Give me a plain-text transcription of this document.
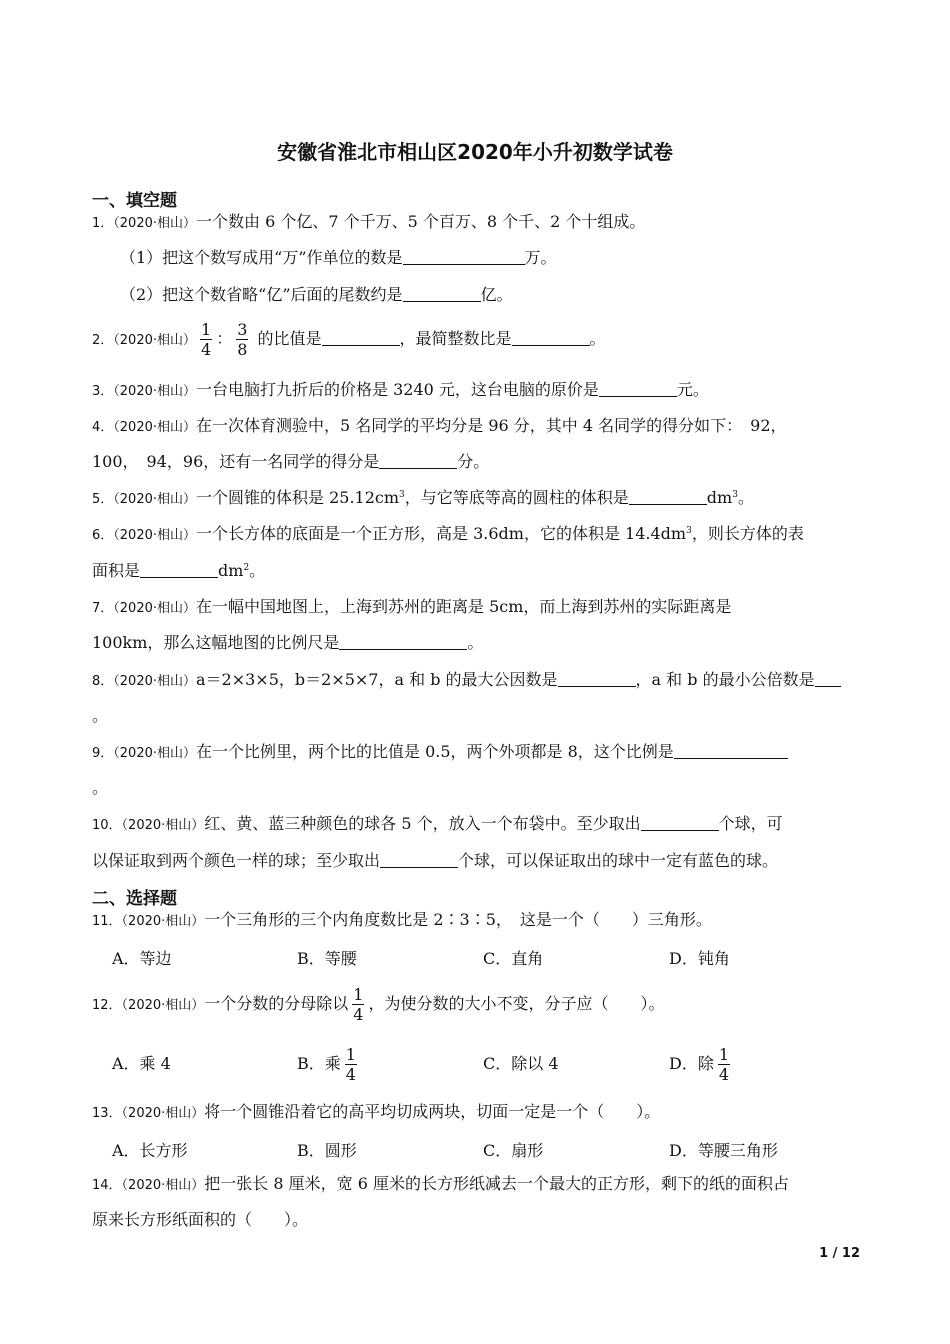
安徽省淮北市相山区2020年小升初数学试卷
一、填空题
1．（2020·相山）一个数由 6 个亿、7 个千万、5 个百万、8 个千、2 个十组成。
（1）把这个数写成用“万”作单位的数是	万。
（2）把这个数省略“亿”后面的尾数约是	亿。
2．（2020·相山） $\frac{1}{4}$ ： $\frac{3}{8}$ 的比值是	，最简整数比是	。
3．（2020·相山）一台电脑打九折后的价格是 3240 元，这台电脑的原价是	元。
4．（2020·相山）在一次体育测验中，5 名同学的平均分是 96 分，其中 4 名同学的得分如下：　92，
100，　94，96，还有一名同学的得分是	分。
5．（2020·相山）一个圆锥的体积是 $25.12cm^3$，与它等底等高的圆柱的体积是	$dm^3$。
6．（2020·相山）一个长方体的底面是一个正方形，高是 3.6dm，它的体积是 $14.4dm^3$，则长方体的表
面积是	$dm^2$。
7．（2020·相山）在一幅中国地图上，上海到苏州的距离是 5cm，而上海到苏州的实际距离是
100km，那么这幅地图的比例尺是	。
8．（2020·相山）a＝2×3×5，b＝2×5×7，a 和 b 的最大公因数是	，a 和 b 的最小公倍数是
。
9．（2020·相山）在一个比例里，两个比的比值是 0.5，两个外项都是 8，这个比例是
。
10．（2020·相山）红、黄、蓝三种颜色的球各 5 个，放入一个布袋中。至少取出	个球，可
以保证取到两个颜色一样的球；至少取出	个球，可以保证取出的球中一定有蓝色的球。
二、选择题
11．（2020·相山）一个三角形的三个内角度数比是 2∶3∶5，　这是一个（　　）三角形。
A．等边	B．等腰	C．直角	D．钝角
12．（2020·相山）一个分数的分母除以 $\frac{1}{4}$ ，为使分数的大小不变，分子应（　　）。
A．乘 4	B．乘 $\frac{1}{4}$	C．除以 4	D．除 $\frac{1}{4}$
13．（2020·相山）将一个圆锥沿着它的高平均切成两块，切面一定是一个（　　）。
A．长方形	B．圆形	C．扇形	D．等腰三角形
14．（2020·相山）把一张长 8 厘米，宽 6 厘米的长方形纸减去一个最大的正方形，剩下的纸的面积占
原来长方形纸面积的（　　）。
1 / 12
